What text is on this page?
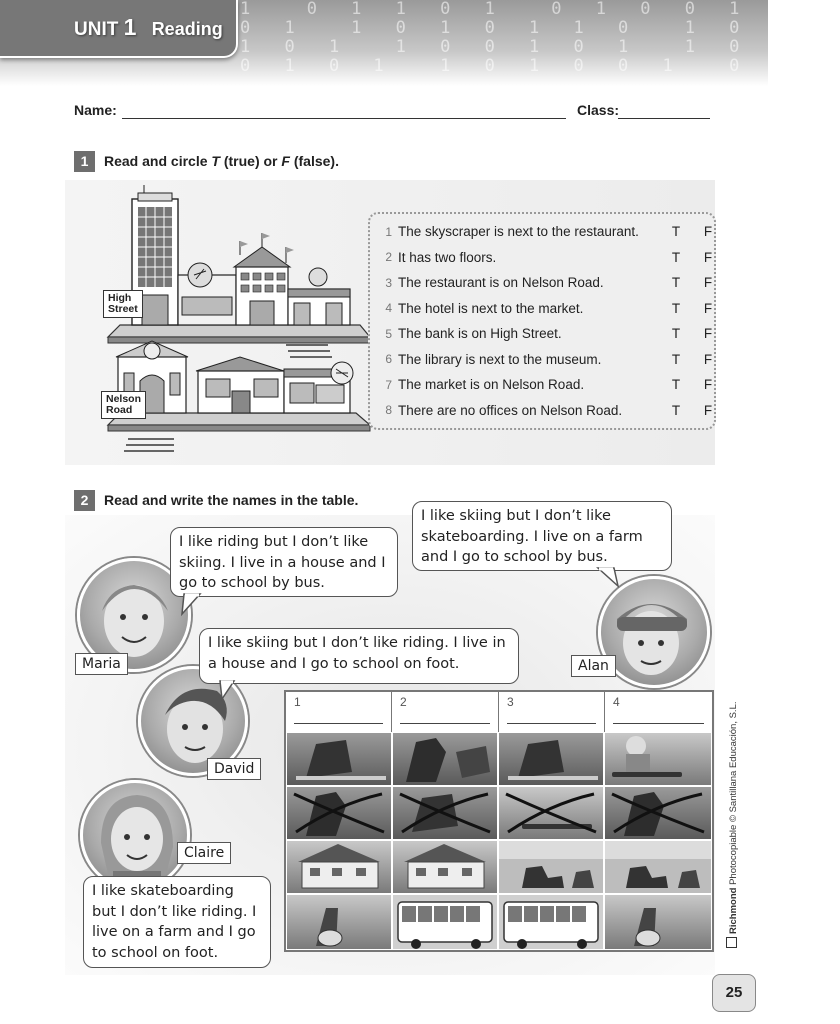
1  0 1 1 0 1  0 1 0 0 1 1 0
0 1  1 0 1 0 1 1 0  1 0 1 0
1 0 1  1 0 0 1 0 1  1 0 1 1
0 1 0 1  1 0 1 0 0 1  0 1 0
UNIT 1 Reading
Name:	Class:
1	Read and circle T (true) or F (false).
High
Street
Nelson
Road
1 The skyscraper is next to the restaurant.	T	F
2 It has two floors.	T	F
3 The restaurant is on Nelson Road.	T	F
4 The hotel is next to the market.	T	F
5 The bank is on High Street.	T	F
6 The library is next to the museum.	T	F
7 The market is on Nelson Road.	T	F
8 There are no offices on Nelson Road.	T	F
2	Read and write the names in the table.
I like riding but I don’t like skiing. I live in a house and I go to school by bus.
I like skiing but I don’t like skateboarding. I live on a farm and I go to school by bus.
I like skiing but I don’t like riding. I live in a house and I go to school on foot.
I like skateboarding but I don’t like riding. I live on a farm and I go to school on foot.
Maria	Alan
David
Claire
1	2	3	4
Richmond Photocopiable © Santillana Educación, S.L.
25
